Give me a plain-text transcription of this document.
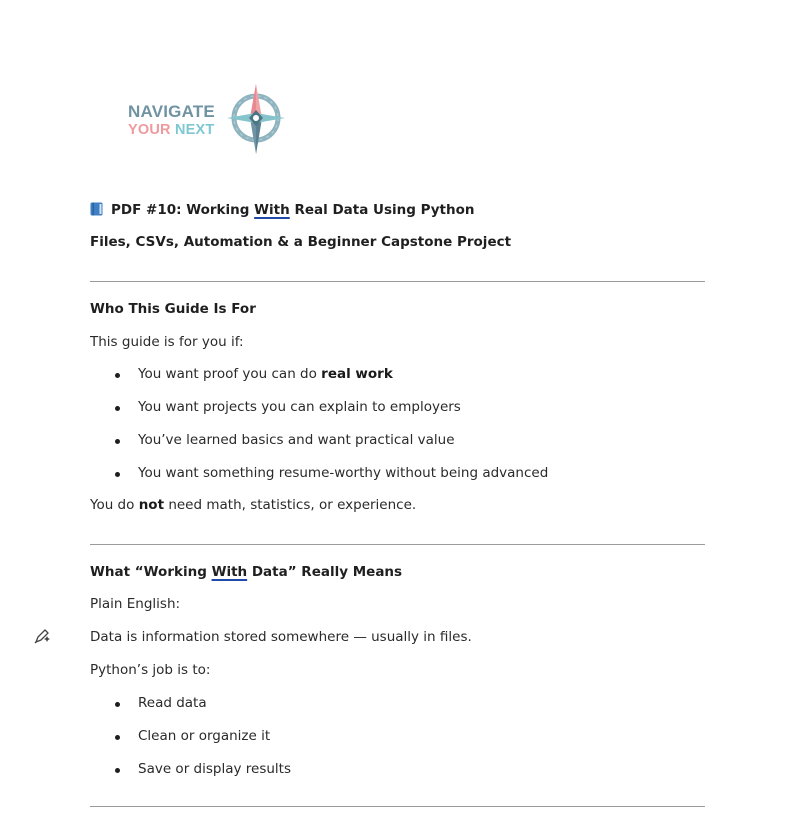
NAVIGATE
YOUR NEXT
PDF #10: Working With Real Data Using Python
Files, CSVs, Automation & a Beginner Capstone Project
Who This Guide Is For
This guide is for you if:
You want proof you can do real work
You want projects you can explain to employers
You’ve learned basics and want practical value
You want something resume-worthy without being advanced
You do not need math, statistics, or experience.
What “Working With Data” Really Means
Plain English:
Data is information stored somewhere — usually in files.
Python’s job is to:
Read data
Clean or organize it
Save or display results
